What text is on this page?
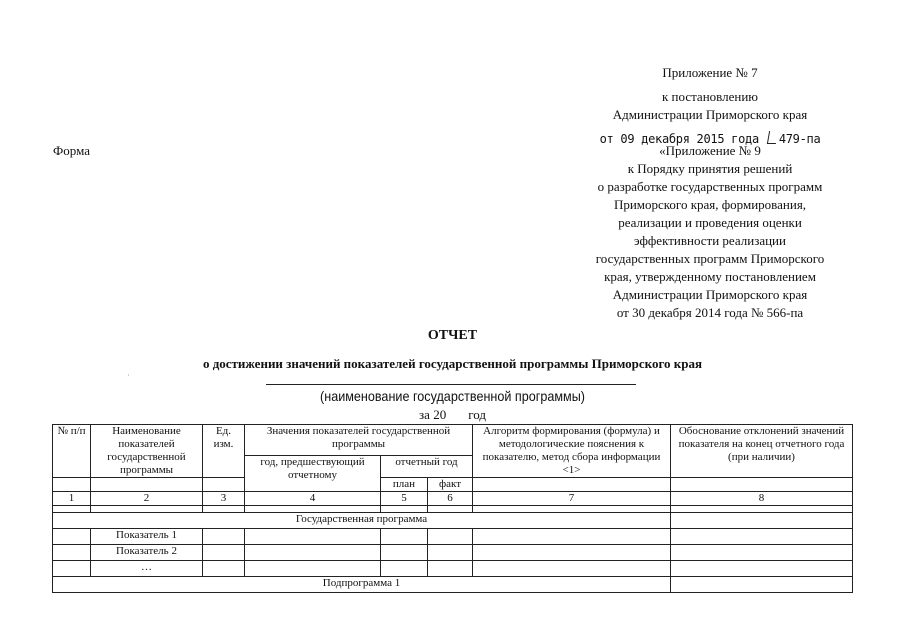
Приложение № 7
к постановлению
Администрации Приморского края
от 09 декабря 2015 года 479-па
«Приложение № 9
к Порядку принятия решений
о разработке государственных программ
Приморского края, формирования,
реализации и проведения оценки
эффективности реализации
государственных программ Приморского
края, утвержденному постановлением
Администрации Приморского края
от 30 декабря 2014 года № 566-па
Форма
·
ОТЧЕТ
о достижении значений показателей государственной программы Приморского края
(наименование государственной программы)
за 20 год
№ п/п	Наименование показателей государственной программы	Ед. изм.	Значения показателей государственной программы			Алгоритм формирования (формула) и методологические пояснения к показателю, метод сбора информации <1>	Обоснование отклонений значений показателя на конец отчетного года (при наличии)
			год, предшествующий отчетному	отчетный год			
				план	факт		
1	2	3	4	5	6	7	8

Государственная программа							
	Показатель 1						
	Показатель 2						
	…						
Подпрограмма 1							
